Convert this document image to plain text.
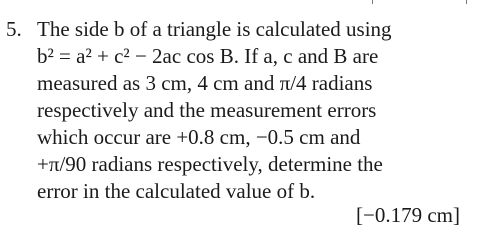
5. The side b of a triangle is calculated using
b² = a² + c² − 2ac cos B. If a, c and B are
measured as 3 cm, 4 cm and π/4 radians
respectively and the measurement errors
which occur are +0.8 cm, −0.5 cm and
+π/90 radians respectively, determine the
error in the calculated value of b.
[−0.179 cm]
